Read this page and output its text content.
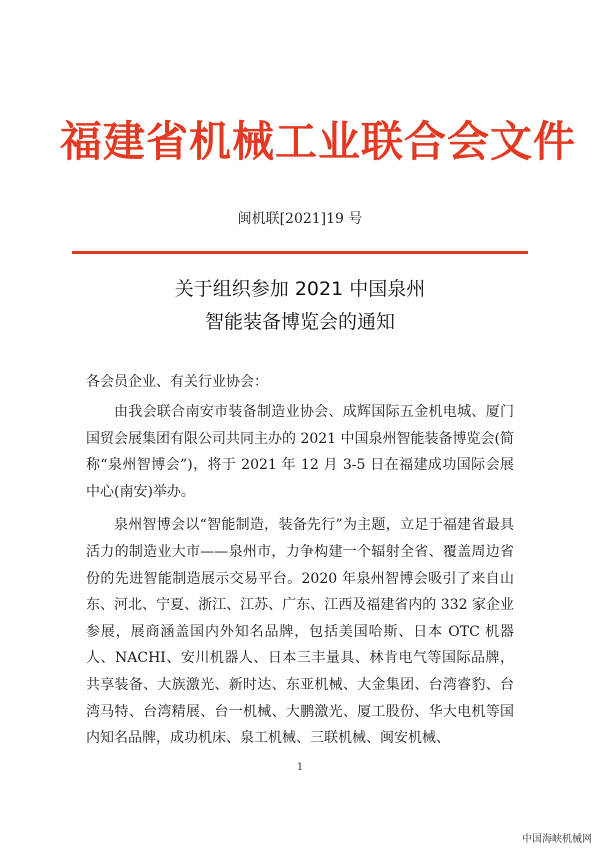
福建省机械工业联合会文件
闽机联[2021]19 号
关于组织参加 2021 中国泉州
智能装备博览会的通知
各会员企业、有关行业协会：

由我会联合南安市装备制造业协会、成辉国际五金机电城、厦门国贸会展集团有限公司共同主办的 2021 中国泉州智能装备博览会(简称“泉州智博会”)，将于 2021 年 12 月 3-5 日在福建成功国际会展中心(南安)举办。

泉州智博会以“智能制造，装备先行”为主题，立足于福建省最具活力的制造业大市——泉州市，力争构建一个辐射全省、覆盖周边省份的先进智能制造展示交易平台。2020 年泉州智博会吸引了来自山东、河北、宁夏、浙江、江苏、广东、江西及福建省内的 332 家企业参展，展商涵盖国内外知名品牌，包括美国哈斯、日本 OTC 机器人、NACHI、安川机器人、日本三丰量具、林肯电气等国际品牌，共享装备、大族激光、新时达、东亚机械、大金集团、台湾睿豹、台湾马特、台湾精展、台一机械、大鹏激光、厦工股份、华大电机等国内知名品牌，成功机床、泉工机械、三联机械、闽安机械、

1
中国海峡机械网
